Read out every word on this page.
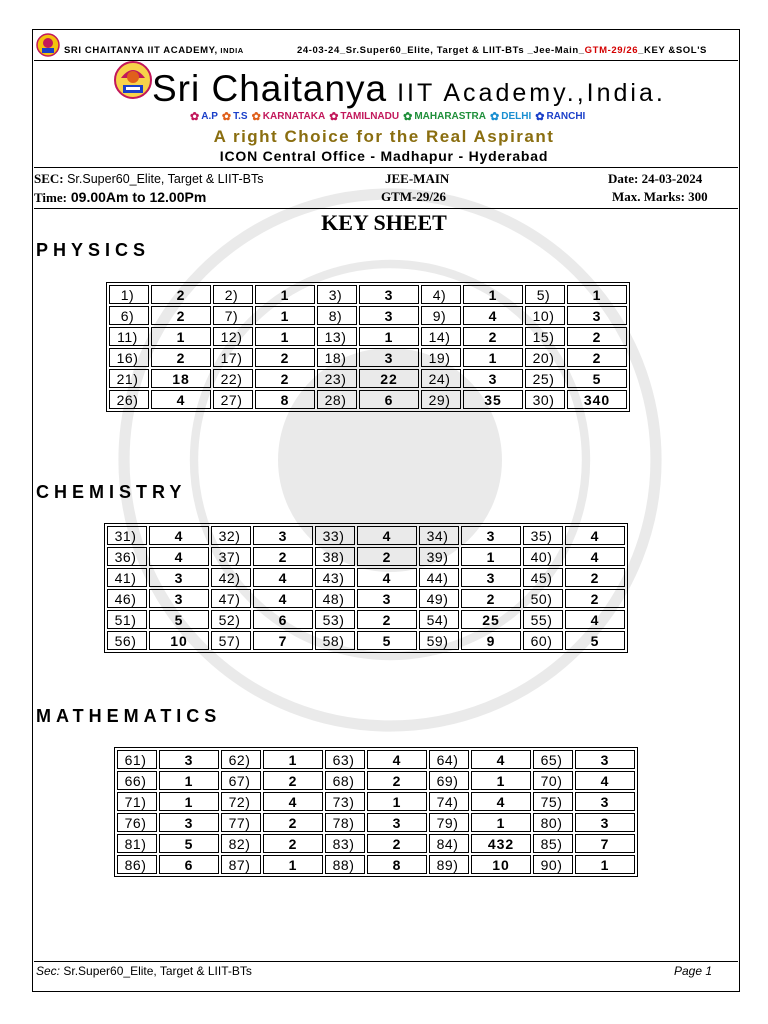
SRI CHAITANYA IIT ACADEMY, INDIA	24-03-24_Sr.Super60_Elite, Target & LIIT-BTs _Jee-Main_GTM-29/26_KEY &SOL'S
Sri Chaitanya IIT Academy.,India.
✿ A.P ✿ T.S ✿ KARNATAKA ✿ TAMILNADU ✿ MAHARASTRA ✿ DELHI ✿ RANCHI
A right Choice for the Real Aspirant
ICON Central Office - Madhapur - Hyderabad
SEC: Sr.Super60_Elite, Target & LIIT-BTs
Time: 09.00Am to 12.00Pm
JEE-MAIN
GTM-29/26
Date: 24-03-2024
Max. Marks: 300
KEY SHEET
PHYSICS
1)	2	2)	1	3)	3	4)	1	5)	1
6)	2	7)	1	8)	3	9)	4	10)	3
11)	1	12)	1	13)	1	14)	2	15)	2
16)	2	17)	2	18)	3	19)	1	20)	2
21)	18	22)	2	23)	22	24)	3	25)	5
26)	4	27)	8	28)	6	29)	35	30)	340
CHEMISTRY
31)	4	32)	3	33)	4	34)	3	35)	4
36)	4	37)	2	38)	2	39)	1	40)	4
41)	3	42)	4	43)	4	44)	3	45)	2
46)	3	47)	4	48)	3	49)	2	50)	2
51)	5	52)	6	53)	2	54)	25	55)	4
56)	10	57)	7	58)	5	59)	9	60)	5
MATHEMATICS
61)	3	62)	1	63)	4	64)	4	65)	3
66)	1	67)	2	68)	2	69)	1	70)	4
71)	1	72)	4	73)	1	74)	4	75)	3
76)	3	77)	2	78)	3	79)	1	80)	3
81)	5	82)	2	83)	2	84)	432	85)	7
86)	6	87)	1	88)	8	89)	10	90)	1
Sec: Sr.Super60_Elite, Target & LIIT-BTs	Page 1
